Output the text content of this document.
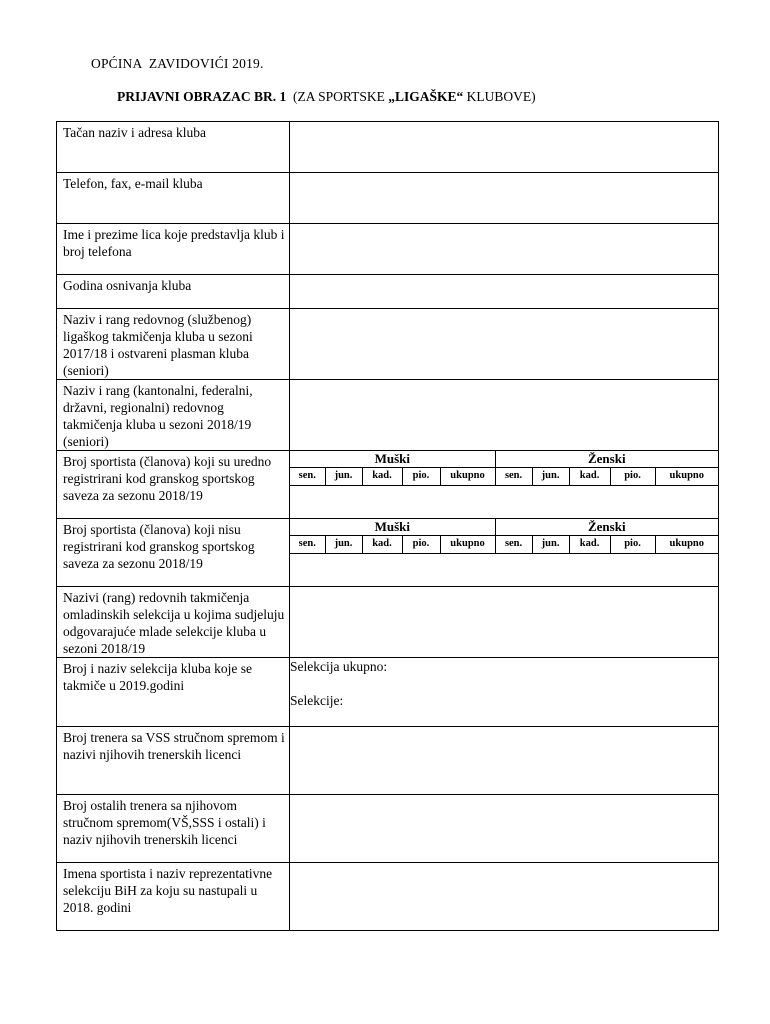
OPĆINA  ZAVIDOVIĆI 2019.
PRIJAVNI OBRAZAC BR. 1  (ZA SPORTSKE „LIGAŠKE“ KLUBOVE)
Tačan naziv i adresa kluba	
Telefon, fax, e-mail kluba	
Ime i prezime lica koje predstavlja klub i broj telefona	
Godina osnivanja kluba	
Naziv i rang redovnog (službenog) ligaškog takmičenja kluba u sezoni 2017/18 i ostvareni plasman kluba (seniori)	
Naziv i rang (kantonalni, federalni, državni, regionalni) redovnog takmičenja kluba u sezoni 2018/19 (seniori)	
Broj sportista (članova) koji su uredno registrirani kod granskog sportskog saveza za sezonu 2018/19	
Muški	Ženski
sen.	jun.	kad.	pio.	ukupno	sen.	jun.	kad.	pio.	ukupno

Broj sportista (članova) koji nisu registrirani kod granskog sportskog saveza za sezonu 2018/19	
Muški	Ženski
sen.	jun.	kad.	pio.	ukupno	sen.	jun.	kad.	pio.	ukupno

Nazivi (rang) redovnih takmičenja omladinskih selekcija u kojima sudjeluju odgovarajuće mlade selekcije kluba u sezoni 2018/19	
Broj i naziv selekcija kluba koje se takmiče u 2019.godini	
Selekcija ukupno:
Selekcije:

Broj trenera sa VSS stručnom spremom i nazivi njihovih trenerskih licenci	
Broj ostalih trenera sa njihovom stručnom spremom(VŠ,SSS i ostali) i naziv njihovih trenerskih licenci	
Imena sportista i naziv reprezentativne selekciju BiH za koju su nastupali u 2018. godini	
